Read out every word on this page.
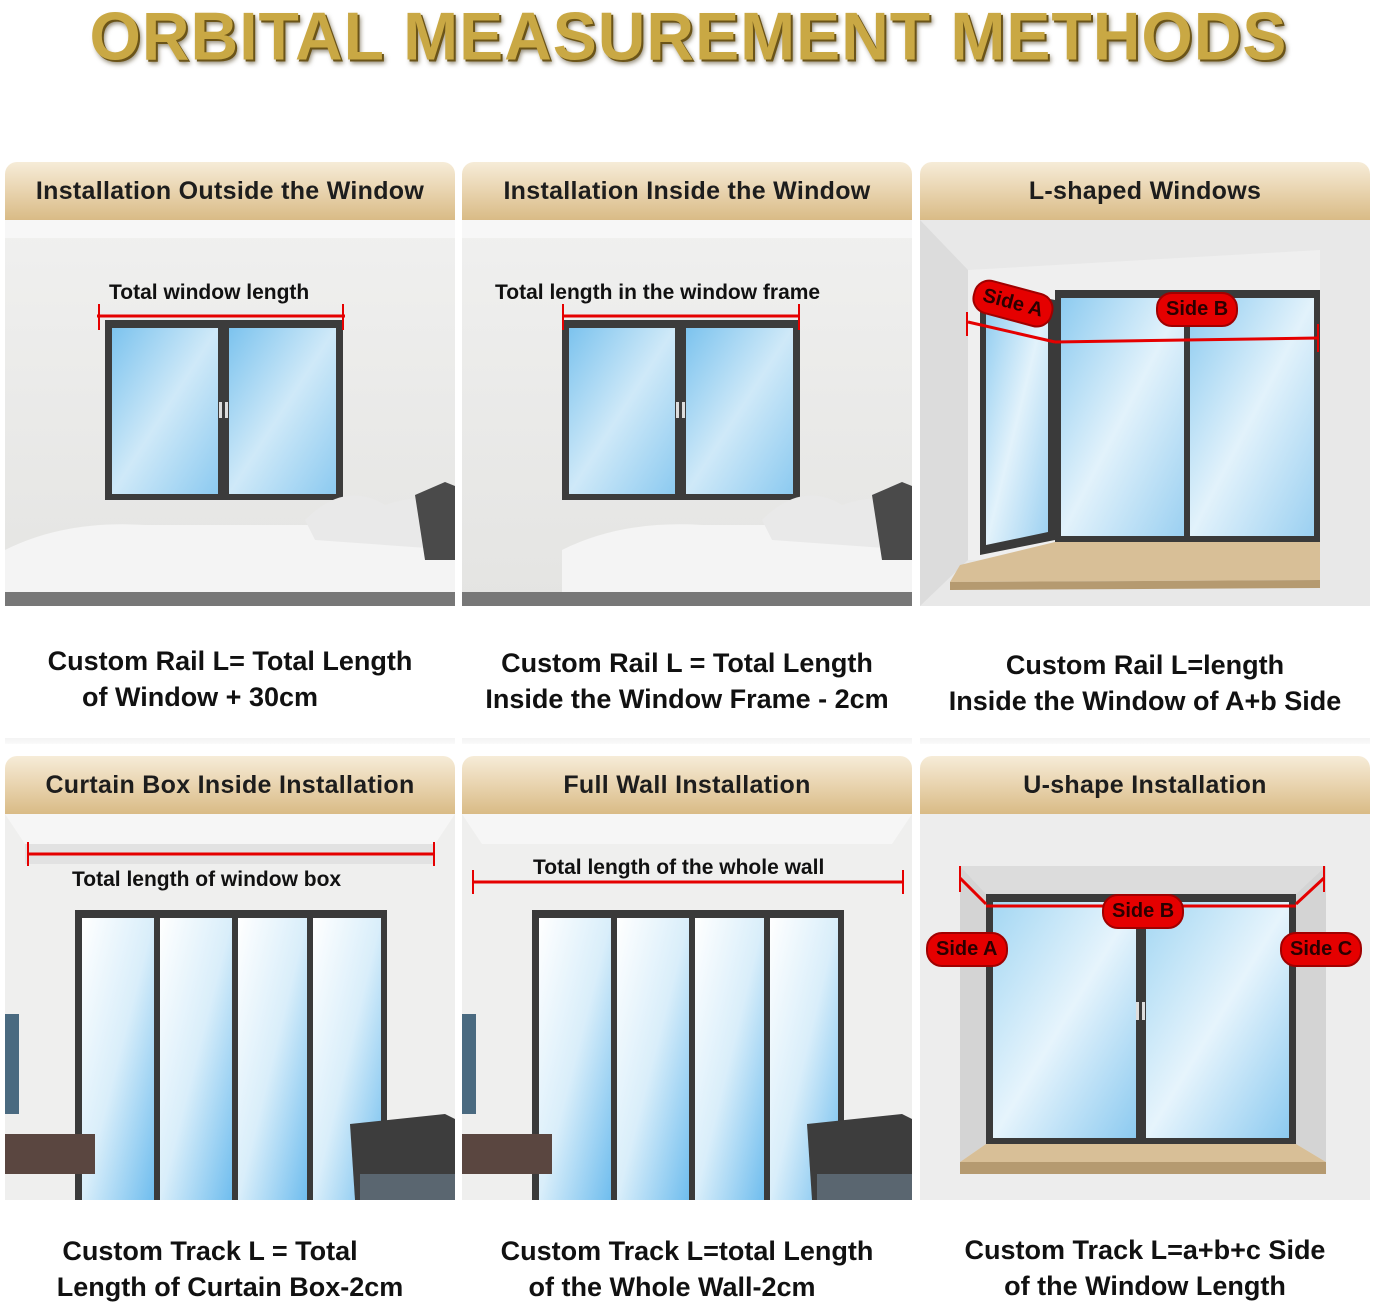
ORBITAL MEASUREMENT METHODS
Installation Outside the Window
Total window length
Custom Rail L= Total Length
of Window + 30cm
Installation Inside the Window
Total length in the window frame
Custom Rail L = Total Length
Inside the Window Frame - 2cm
L-shaped Windows
Side A	Side B
Custom Rail L=length
Inside the Window of A+b Side
Curtain Box Inside Installation
Total length of window box
Custom Track L = Total
Length of Curtain Box-2cm
Full Wall Installation
Total length of the whole wall
Custom Track L=total Length
of the Whole Wall-2cm
U-shape Installation
Side A
Side B
Side C
Custom Track L=a+b+c Side
of the Window Length
